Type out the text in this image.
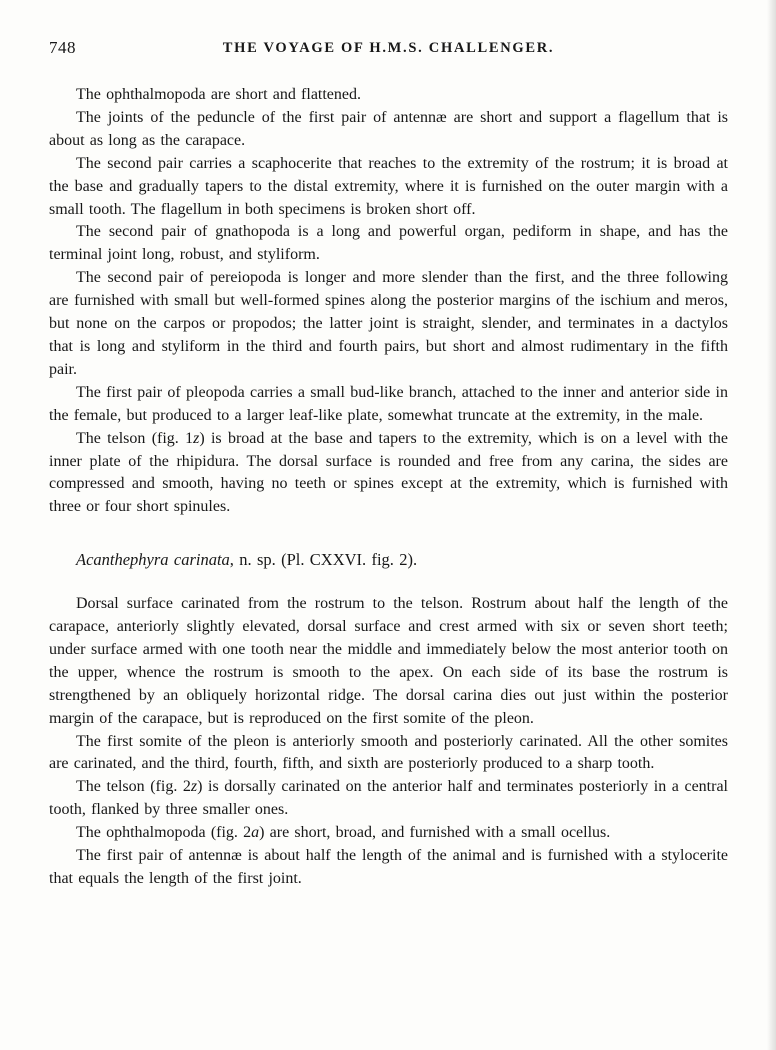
748	THE VOYAGE OF H.M.S. CHALLENGER.

The ophthalmopoda are short and flattened.

The joints of the peduncle of the first pair of antennæ are short and support a flagellum that is about as long as the carapace.

The second pair carries a scaphocerite that reaches to the extremity of the rostrum; it is broad at the base and gradually tapers to the distal extremity, where it is furnished on the outer margin with a small tooth. The flagellum in both specimens is broken short off.

The second pair of gnathopoda is a long and powerful organ, pediform in shape, and has the terminal joint long, robust, and styliform.

The second pair of pereiopoda is longer and more slender than the first, and the three following are furnished with small but well-formed spines along the posterior margins of the ischium and meros, but none on the carpos or propodos; the latter joint is straight, slender, and terminates in a dactylos that is long and styliform in the third and fourth pairs, but short and almost rudimentary in the fifth pair.

The first pair of pleopoda carries a small bud-like branch, attached to the inner and anterior side in the female, but produced to a larger leaf-like plate, somewhat truncate at the extremity, in the male.

The telson (fig. 1z) is broad at the base and tapers to the extremity, which is on a level with the inner plate of the rhipidura. The dorsal surface is rounded and free from any carina, the sides are compressed and smooth, having no teeth or spines except at the extremity, which is furnished with three or four short spinules.

Acanthephyra carinata, n. sp. (Pl. CXXVI. fig. 2).

Dorsal surface carinated from the rostrum to the telson. Rostrum about half the length of the carapace, anteriorly slightly elevated, dorsal surface and crest armed with six or seven short teeth; under surface armed with one tooth near the middle and immediately below the most anterior tooth on the upper, whence the rostrum is smooth to the apex. On each side of its base the rostrum is strengthened by an obliquely horizontal ridge. The dorsal carina dies out just within the posterior margin of the carapace, but is reproduced on the first somite of the pleon.

The first somite of the pleon is anteriorly smooth and posteriorly carinated. All the other somites are carinated, and the third, fourth, fifth, and sixth are posteriorly produced to a sharp tooth.

The telson (fig. 2z) is dorsally carinated on the anterior half and terminates posteriorly in a central tooth, flanked by three smaller ones.

The ophthalmopoda (fig. 2a) are short, broad, and furnished with a small ocellus.

The first pair of antennæ is about half the length of the animal and is furnished with a stylocerite that equals the length of the first joint.
